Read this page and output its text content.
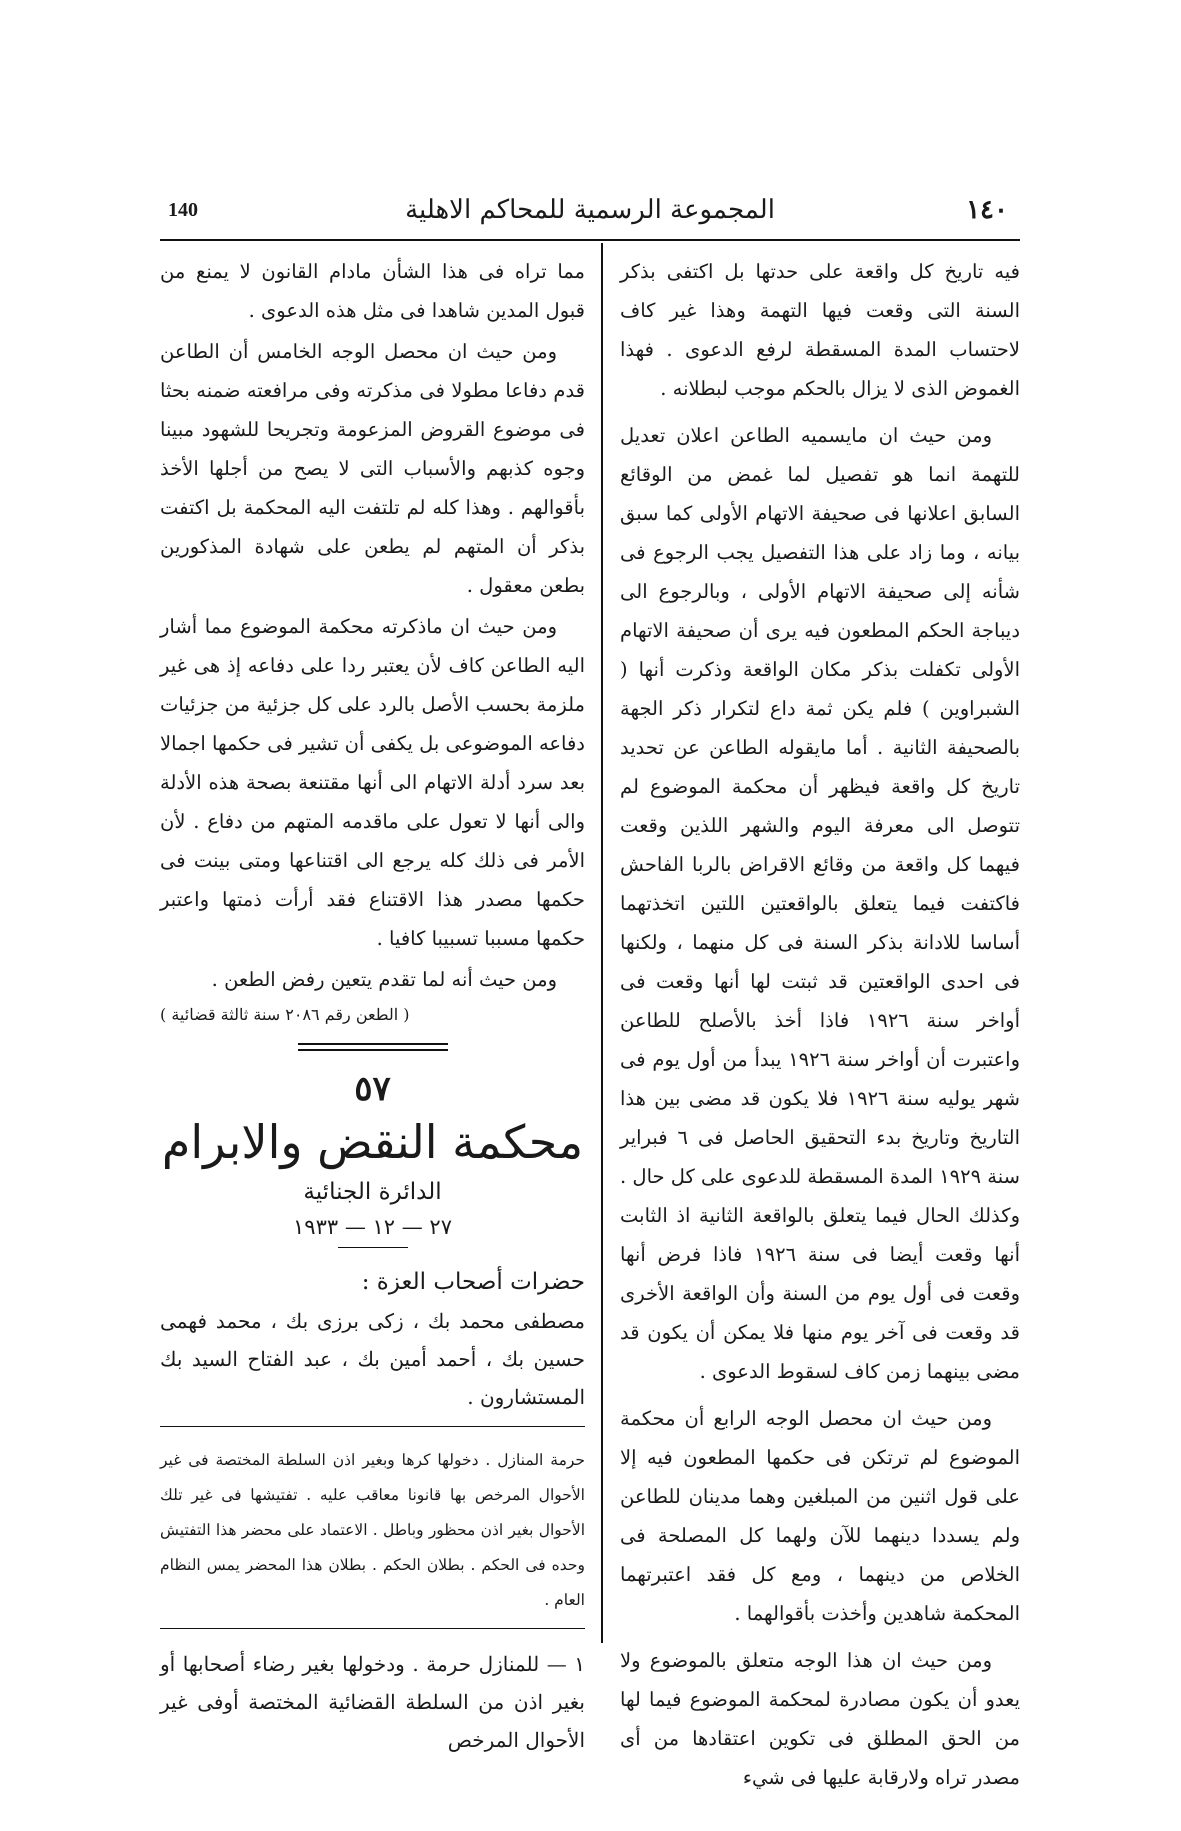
140	المجموعة الرسمية للمحاكم الاهلية	١٤٠

فيه تاريخ كل واقعة على حدتها بل اكتفى بذكر السنة التى وقعت فيها التهمة وهذا غير كاف لاحتساب المدة المسقطة لرفع الدعوى . فهذا الغموض الذى لا يزال بالحكم موجب لبطلانه .

ومن حيث ان مايسميه الطاعن اعلان تعديل للتهمة انما هو تفصيل لما غمض من الوقائع السابق اعلانها فى صحيفة الاتهام الأولى كما سبق بيانه ، وما زاد على هذا التفصيل يجب الرجوع فى شأنه إلى صحيفة الاتهام الأولى ، وبالرجوع الى ديباجة الحكم المطعون فيه يرى أن صحيفة الاتهام الأولى تكفلت بذكر مكان الواقعة وذكرت أنها ( الشبراوين ) فلم يكن ثمة داع لتكرار ذكر الجهة بالصحيفة الثانية . أما مايقوله الطاعن عن تحديد تاريخ كل واقعة فيظهر أن محكمة الموضوع لم تتوصل الى معرفة اليوم والشهر اللذين وقعت فيهما كل واقعة من وقائع الاقراض بالربا الفاحش فاكتفت فيما يتعلق بالواقعتين اللتين اتخذتهما أساسا للادانة بذكر السنة فى كل منهما ، ولكنها فى احدى الواقعتين قد ثبتت لها أنها وقعت فى أواخر سنة ١٩٢٦ فاذا أخذ بالأصلح للطاعن واعتبرت أن أواخر سنة ١٩٢٦ يبدأ من أول يوم فى شهر يوليه سنة ١٩٢٦ فلا يكون قد مضى بين هذا التاريخ وتاريخ بدء التحقيق الحاصل فى ٦ فبراير سنة ١٩٢٩ المدة المسقطة للدعوى على كل حال . وكذلك الحال فيما يتعلق بالواقعة الثانية اذ الثابت أنها وقعت أيضا فى سنة ١٩٢٦ فاذا فرض أنها وقعت فى أول يوم من السنة وأن الواقعة الأخرى قد وقعت فى آخر يوم منها فلا يمكن أن يكون قد مضى بينهما زمن كاف لسقوط الدعوى .

ومن حيث ان محصل الوجه الرابع أن محكمة الموضوع لم ترتكن فى حكمها المطعون فيه إلا على قول اثنين من المبلغين وهما مدينان للطاعن ولم يسددا دينهما للآن ولهما كل المصلحة فى الخلاص من دينهما ، ومع كل فقد اعتبرتهما المحكمة شاهدين وأخذت بأقوالهما .

ومن حيث ان هذا الوجه متعلق بالموضوع ولا يعدو أن يكون مصادرة لمحكمة الموضوع فيما لها من الحق المطلق فى تكوين اعتقادها من أى مصدر تراه ولارقابة عليها فى شيء

مما تراه فى هذا الشأن مادام القانون لا يمنع من قبول المدين شاهدا فى مثل هذه الدعوى .

ومن حيث ان محصل الوجه الخامس أن الطاعن قدم دفاعا مطولا فى مذكرته وفى مرافعته ضمنه بحثا فى موضوع القروض المزعومة وتجريحا للشهود مبينا وجوه كذبهم والأسباب التى لا يصح من أجلها الأخذ بأقوالهم . وهذا كله لم تلتفت اليه المحكمة بل اكتفت بذكر أن المتهم لم يطعن على شهادة المذكورين بطعن معقول .

ومن حيث ان ماذكرته محكمة الموضوع مما أشار اليه الطاعن كاف لأن يعتبر ردا على دفاعه إذ هى غير ملزمة بحسب الأصل بالرد على كل جزئية من جزئيات دفاعه الموضوعى بل يكفى أن تشير فى حكمها اجمالا بعد سرد أدلة الاتهام الى أنها مقتنعة بصحة هذه الأدلة والى أنها لا تعول على ماقدمه المتهم من دفاع . لأن الأمر فى ذلك كله يرجع الى اقتناعها ومتى بينت فى حكمها مصدر هذا الاقتناع فقد أرأت ذمتها واعتبر حكمها مسببا تسبيبا كافيا .

ومن حيث أنه لما تقدم يتعين رفض الطعن .

( الطعن رقم ٢٠٨٦ سنة ثالثة قضائية )
٥٧
محكمة النقض والابرام
الدائرة الجنائية
٢٧ — ١٢ — ١٩٣٣
حضرات أصحاب العزة :
مصطفى محمد بك ، زكى برزى بك ، محمد فهمى حسين بك ، أحمد أمين بك ، عبد الفتاح السيد بك المستشارون .
حرمة المنازل . دخولها كرها وبغير اذن السلطة المختصة فى غير الأحوال المرخص بها قانونا معاقب عليه . تفتيشها فى غير تلك الأحوال بغير اذن محظور وباطل . الاعتماد على محضر هذا التفتيش وحده فى الحكم . بطلان الحكم . بطلان هذا المحضر يمس النظام العام .
١ — للمنازل حرمة . ودخولها بغير رضاء أصحابها أو بغير اذن من السلطة القضائية المختصة أوفى غير الأحوال المرخص
